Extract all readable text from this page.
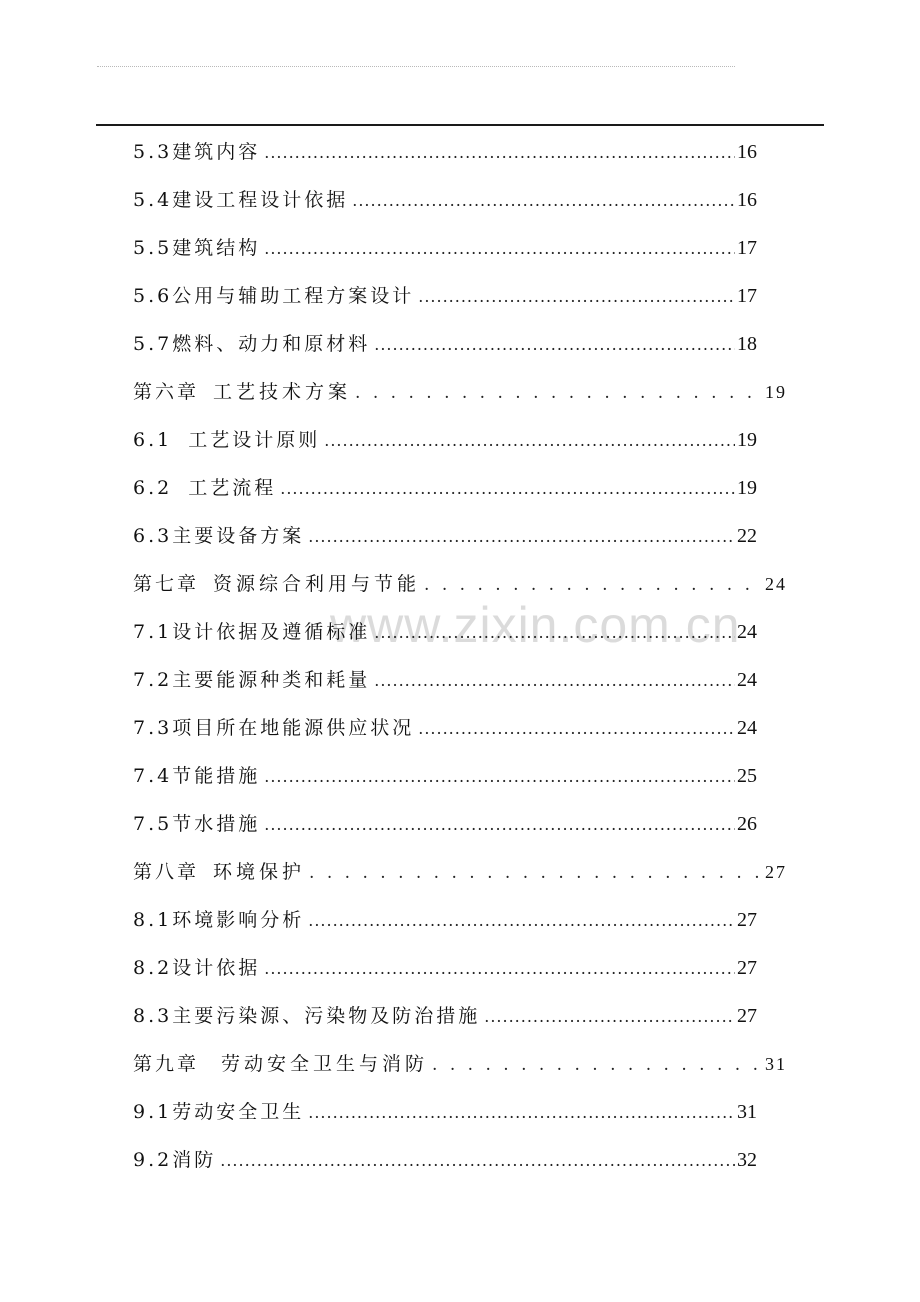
www.zixin.com.cn
5.3 建筑内容 .....	16
5.4 建设工程设计依据 .....	16
5.5 建筑结构 .....	17
5.6 公用与辅助工程方案设计 .....	17
5.7 燃料、动力和原材料 .....	18
第六章 工艺技术方案 . . .	19
6.1 工艺设计原则 .....	19
6.2 工艺流程 .....	19
6.3 主要设备方案 .....	22
第七章 资源综合利用与节能 . . .	24
7.1 设计依据及遵循标准 .....	24
7.2 主要能源种类和耗量 .....	24
7.3 项目所在地能源供应状况 .....	24
7.4 节能措施 .....	25
7.5 节水措施 .....	26
第八章 环境保护 . . .	27
8.1 环境影响分析 .....	27
8.2 设计依据 .....	27
8.3 主要污染源、污染物及防治措施 .....	27
第九章 劳动安全卫生与消防 . . .	31
9.1 劳动安全卫生 .....	31
9.2 消防 .....	32
